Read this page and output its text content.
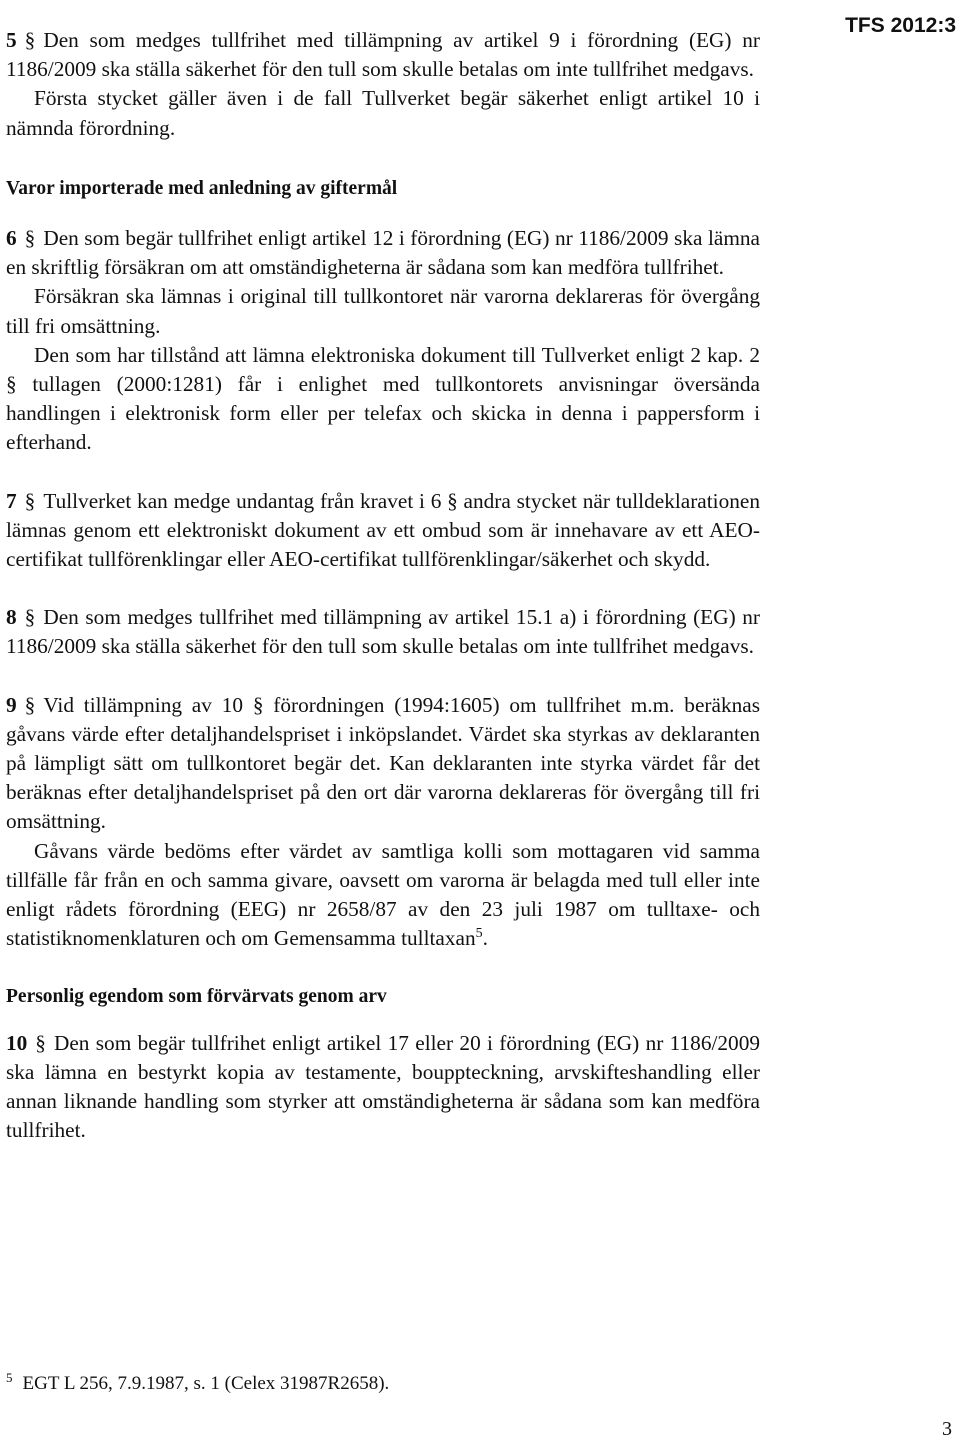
TFS 2012:3

5 § Den som medges tullfrihet med tillämpning av artikel 9 i förordning (EG) nr 1186/2009 ska ställa säkerhet för den tull som skulle betalas om inte tullfrihet medgavs.

Första stycket gäller även i de fall Tullverket begär säkerhet enligt artikel 10 i nämnda förordning.

Varor importerade med anledning av giftermål

6 § Den som begär tullfrihet enligt artikel 12 i förordning (EG) nr 1186/2009 ska lämna en skriftlig försäkran om att omständigheterna är sådana som kan medföra tullfrihet.

Försäkran ska lämnas i original till tullkontoret när varorna deklareras för övergång till fri omsättning.

Den som har tillstånd att lämna elektroniska dokument till Tullverket enligt 2 kap. 2 § tullagen (2000:1281) får i enlighet med tullkontorets anvisningar översända handlingen i elektronisk form eller per telefax och skicka in denna i pappersform i efterhand.

7 § Tullverket kan medge undantag från kravet i 6 § andra stycket när tulldeklarationen lämnas genom ett elektroniskt dokument av ett ombud som är innehavare av ett AEO-certifikat tullförenklingar eller AEO-certifikat tullförenklingar/säkerhet och skydd.

8 § Den som medges tullfrihet med tillämpning av artikel 15.1 a) i förordning (EG) nr 1186/2009 ska ställa säkerhet för den tull som skulle betalas om inte tullfrihet medgavs.

9 § Vid tillämpning av 10 § förordningen (1994:1605) om tullfrihet m.m. beräknas gåvans värde efter detaljhandelspriset i inköpslandet. Värdet ska styrkas av deklaranten på lämpligt sätt om tullkontoret begär det. Kan deklaranten inte styrka värdet får det beräknas efter detaljhandelspriset på den ort där varorna deklareras för övergång till fri omsättning.

Gåvans värde bedöms efter värdet av samtliga kolli som mottagaren vid samma tillfälle får från en och samma givare, oavsett om varorna är belagda med tull eller inte enligt rådets förordning (EEG) nr 2658/87 av den 23 juli 1987 om tulltaxe- och statistiknomenklaturen och om Gemensamma tulltaxan$^5$.

Personlig egendom som förvärvats genom arv

10 § Den som begär tullfrihet enligt artikel 17 eller 20 i förordning (EG) nr 1186/2009 ska lämna en bestyrkt kopia av testamente, bouppteckning, arvskifteshandling eller annan liknande handling som styrker att omständigheterna är sådana som kan medföra tullfrihet.

$^5$ EGT L 256, 7.9.1987, s. 1 (Celex 31987R2658).
3
